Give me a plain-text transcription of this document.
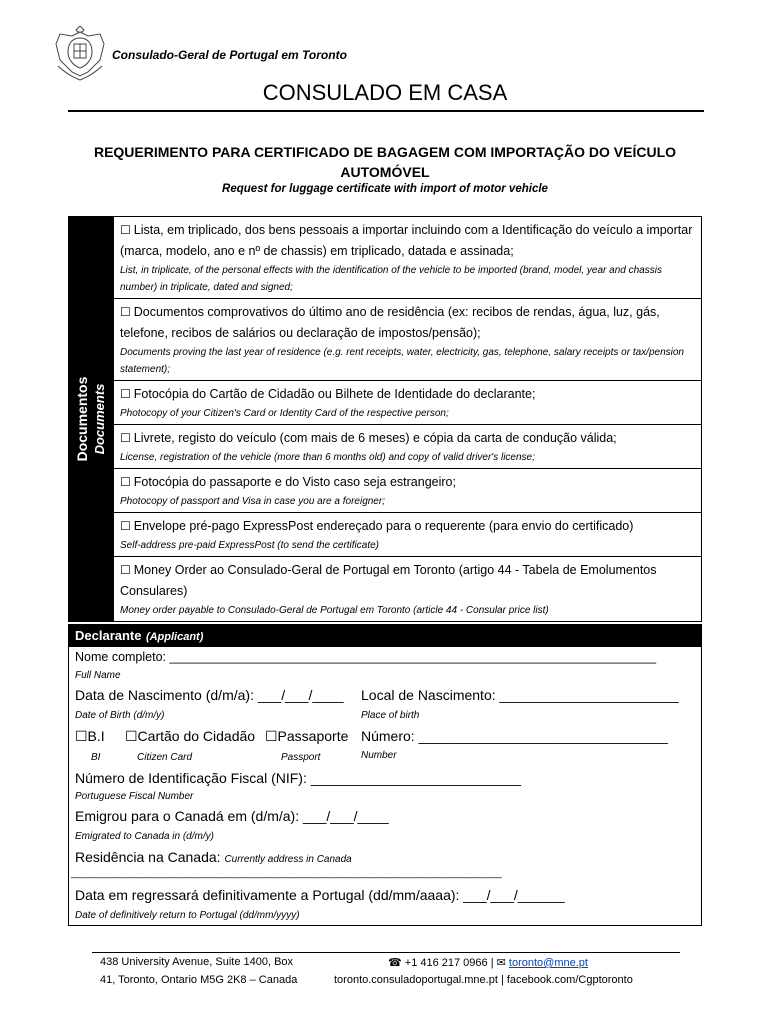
Consulado-Geral de Portugal em Toronto
CONSULADO EM CASA
REQUERIMENTO PARA CERTIFICADO DE BAGAGEM COM IMPORTAÇÃO DO VEÍCULO
AUTOMÓVEL
Request for luggage certificate with import of motor vehicle
Documentos Documents

☐ Lista, em triplicado, dos bens pessoais a importar incluindo com a Identificação do veículo a importar (marca, modelo, ano e nº de chassis) em triplicado, datada e assinada;
List, in triplicate, of the personal effects with the identification of the vehicle to be imported (brand, model, year and chassis number) in triplicate, dated and signed;

☐ Documentos comprovativos do último ano de residência (ex: recibos de rendas, água, luz, gás, telefone, recibos de salários ou declaração de impostos/pensão);
Documents proving the last year of residence (e.g. rent receipts, water, electricity, gas, telephone, salary receipts or tax/pension statement);

☐ Fotocópia do Cartão de Cidadão ou Bilhete de Identidade do declarante;
Photocopy of your Citizen's Card or Identity Card of the respective person;

☐ Livrete, registo do veículo (com mais de 6 meses) e cópia da carta de condução válida;
License, registration of the vehicle (more than 6 months old) and copy of valid driver's license;

☐ Fotocópia do passaporte e do Visto caso seja estrangeiro;
Photocopy of passport and Visa in case you are a foreigner;

☐ Envelope pré-pago ExpressPost endereçado para o requerente (para envio do certificado)
Self-address pre-paid ExpressPost (to send the certificate)

☐ Money Order ao Consulado-Geral de Portugal em Toronto (artigo 44 - Tabela de Emolumentos Consulares)
Money order payable to Consulado-Geral de Portugal em Toronto (article 44 - Consular price list)
Declarante (Applicant)
Nome completo: ______________________________________________________________________
Full Name
Data de Nascimento (d/m/a): ___/___/____ Local de Nascimento: _______________________
Date of Birth (d/m/y)	Place of birth
☐B.I ☐Cartão do Cidadão ☐Passaporte Número: ________________________________
BI	Citizen Card	Passport	Number
Número de Identificação Fiscal (NIF): ___________________________
Portuguese Fiscal Number
Emigrou para o Canadá em (d/m/a): ___/___/____
Emigrated to Canada in (d/m/y)
Residência na Canada: Currently address in Canada
_____________________________________________________________________________________
Data em regressará definitivamente a Portugal (dd/mm/aaaa): ___/___/______
Date of definitively return to Portugal (dd/mm/yyyy)
438 University Avenue, Suite 1400, Box
41, Toronto, Ontario M5G 2K8 – Canada
☎ +1 416 217 0966 | ✉ toronto@mne.pt
toronto.consuladoportugal.mne.pt | facebook.com/Cgptoronto
